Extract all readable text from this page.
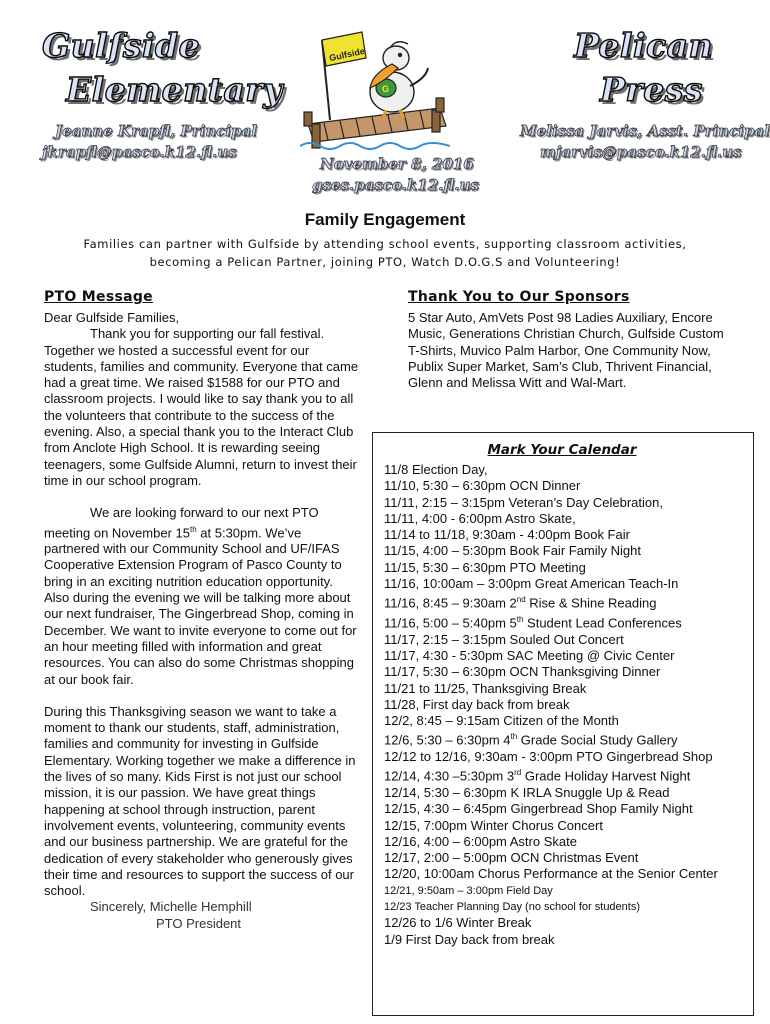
Gulfside
Elementary
Pelican
Press
Jeanne Krapfl, Principal
jkrapfl@pasco.k12.fl.us
Melissa Jarvis, Asst. Principal
mjarvis@pasco.k12.fl.us
November 8, 2016
gses.pasco.k12.fl.us
Gulfside
G
Family Engagement
Families can partner with Gulfside by attending school events, supporting classroom activities,
becoming a Pelican Partner, joining PTO, Watch D.O.G.S and Volunteering!
PTO Message

Dear Gulfside Families,

Thank you for supporting our fall festival. Together we hosted a successful event for our students, families and community. Everyone that came had a great time. We raised $1588 for our PTO and classroom projects. I would like to say thank you to all the volunteers that contribute to the success of the evening. Also, a special thank you to the Interact Club from Anclote High School. It is rewarding seeing teenagers, some Gulfside Alumni, return to invest their time in our school program.

We are looking forward to our next PTO meeting on November 15th at 5:30pm. We’ve partnered with our Community School and UF/IFAS Cooperative Extension Program of Pasco County to bring in an exciting nutrition education opportunity. Also during the evening we will be talking more about our next fundraiser, The Gingerbread Shop, coming in December. We want to invite everyone to come out for an hour meeting filled with information and great resources. You can also do some Christmas shopping at our book fair.

During this Thanksgiving season we want to take a moment to thank our students, staff, administration, families and community for investing in Gulfside Elementary. Working together we make a difference in the lives of so many. Kids First is not just our school mission, it is our passion. We have great things happening at school through instruction, parent involvement events, volunteering, community events and our business partnership. We are grateful for the dedication of every stakeholder who generously gives their time and resources to support the success of our school.

Sincerely, Michelle Hemphill

PTO President

Thank You to Our Sponsors
5 Star Auto, AmVets Post 98 Ladies Auxiliary, Encore Music, Generations Christian Church, Gulfside Custom T-Shirts, Muvico Palm Harbor, One Community Now, Publix Super Market, Sam’s Club, Thrivent Financial, Glenn and Melissa Witt and Wal-Mart.
Mark Your Calendar

11/8 Election Day,

11/10, 5:30 – 6:30pm OCN Dinner

11/11, 2:15 – 3:15pm Veteran’s Day Celebration,

11/11, 4:00 - 6:00pm Astro Skate,

11/14 to 11/18, 9:30am - 4:00pm Book Fair

11/15, 4:00 – 5:30pm Book Fair Family Night

11/15, 5:30 – 6:30pm PTO Meeting

11/16, 10:00am – 3:00pm Great American Teach-In

11/16, 8:45 – 9:30am 2nd Rise & Shine Reading

11/16, 5:00 – 5:40pm 5th Student Lead Conferences

11/17, 2:15 – 3:15pm Souled Out Concert

11/17, 4:30 - 5:30pm SAC Meeting @ Civic Center

11/17, 5:30 – 6:30pm OCN Thanksgiving Dinner

11/21 to 11/25, Thanksgiving Break

11/28, First day back from break

12/2, 8:45 – 9:15am Citizen of the Month

12/6, 5:30 – 6:30pm 4th Grade Social Study Gallery

12/12 to 12/16, 9:30am - 3:00pm PTO Gingerbread Shop

12/14, 4:30 –5:30pm 3rd Grade Holiday Harvest Night

12/14, 5:30 – 6:30pm K IRLA Snuggle Up & Read

12/15, 4:30 – 6:45pm Gingerbread Shop Family Night

12/15, 7:00pm Winter Chorus Concert

12/16, 4:00 – 6:00pm Astro Skate

12/17, 2:00 – 5:00pm OCN Christmas Event

12/20, 10:00am Chorus Performance at the Senior Center

12/21, 9:50am – 3:00pm Field Day

12/23 Teacher Planning Day (no school for students)

12/26 to 1/6 Winter Break

1/9 First Day back from break
